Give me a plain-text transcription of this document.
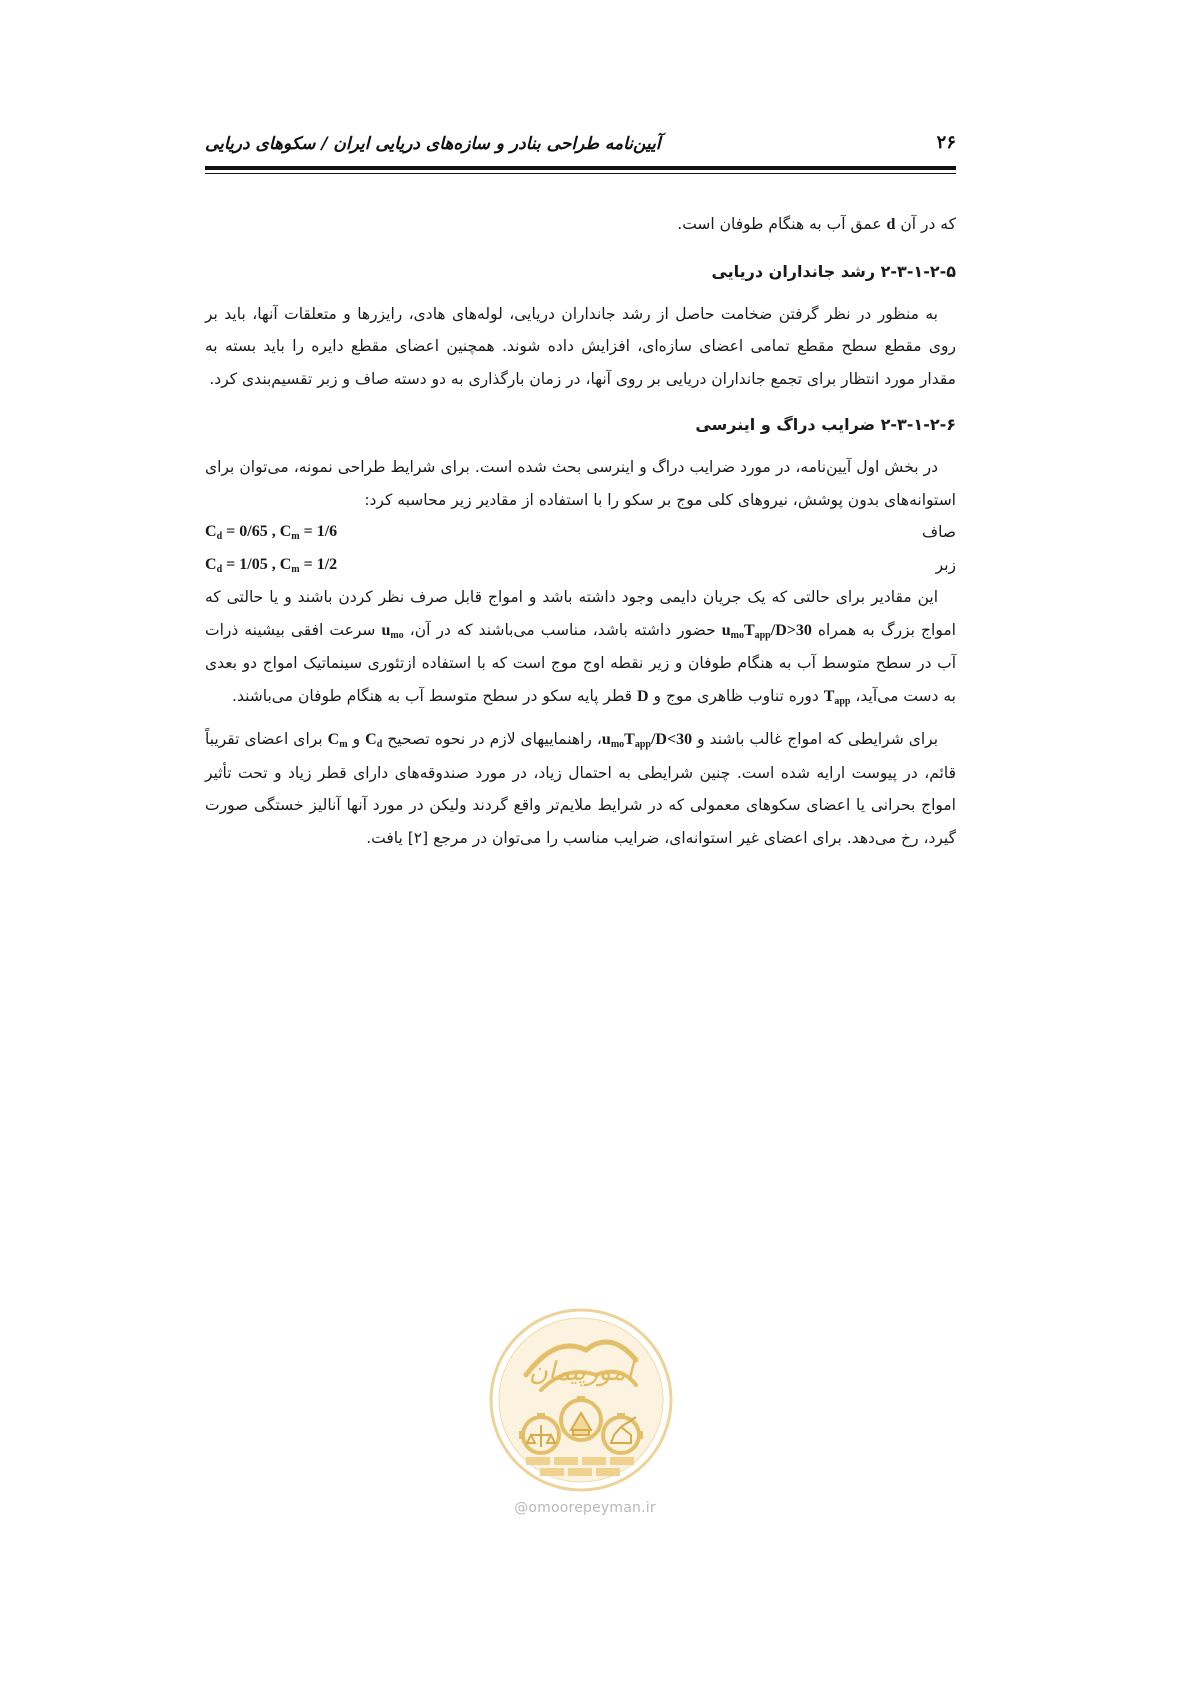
۲۶
آیین‌نامه طراحی بنادر و سازه‌های دریایی ایران / سکوهای دریایی

که در آن d عمق آب به هنگام طوفان است.

۲-۳-۱-۲-۵ رشد جانداران دریایی

به منظور در نظر گرفتن ضخامت حاصل از رشد جانداران دریایی، لوله‌های هادی، رایزرها و متعلقات آنها، باید بر روی مقطع سطح مقطع تمامی اعضای سازه‌ای، افزایش داده شوند. همچنین اعضای مقطع دایره را باید بسته به مقدار مورد انتظار برای تجمع جانداران دریایی بر روی آنها، در زمان بارگذاری به دو دسته صاف و زبر تقسیم‌بندی کرد.

۲-۳-۱-۲-۶ ضرایب دراگ و اینرسی

در بخش اول آیین‌نامه، در مورد ضرایب دراگ و اینرسی بحث شده است. برای شرایط طراحی نمونه، می‌توان برای استوانه‌های بدون پوشش، نیروهای کلی موج بر سکو را با استفاده از مقادیر زیر محاسبه کرد:

صاف
$C_d = 0/65$ , $C_m = 1/6$
زبر
$C_d = 1/05$ , $C_m = 1/2$

این مقادیر برای حالتی که یک جریان دایمی وجود داشته باشد و امواج قابل صرف نظر کردن باشند و یا حالتی که امواج بزرگ به همراه $u_{mo}T_{app}/D>30$ حضور داشته باشد، مناسب می‌باشند که در آن، $u_{mo}$ سرعت افقی بیشینه ذرات آب در سطح متوسط آب به هنگام طوفان و زیر نقطه اوج موج است که با استفاده ازتئوری سینماتیک امواج دو بعدی به دست می‌آید، $T_{app}$ دوره تناوب ظاهری موج و D قطر پایه سکو در سطح متوسط آب به هنگام طوفان می‌باشند.

برای شرایطی که امواج غالب باشند و $u_{mo}T_{app}/D<30،$ راهنماییهای لازم در نحوه تصحیح $C_d$ و $C_m$ برای اعضای تقریباً قائم، در پیوست ارایه شده است. چنین شرایطی به احتمال زیاد، در مورد صندوقه‌های دارای قطر زیاد و تحت تأثیر امواج بحرانی یا اعضای سکوهای معمولی که در شرایط ملایم‌تر واقع گردند ولیکن در مورد آنها آنالیز خستگی صورت گیرد، رخ می‌دهد. برای اعضای غیر استوانه‌ای، ضرایب مناسب را می‌توان در مرجع [۲] یافت.

امورپیمان
@omoorepeyman.ir
